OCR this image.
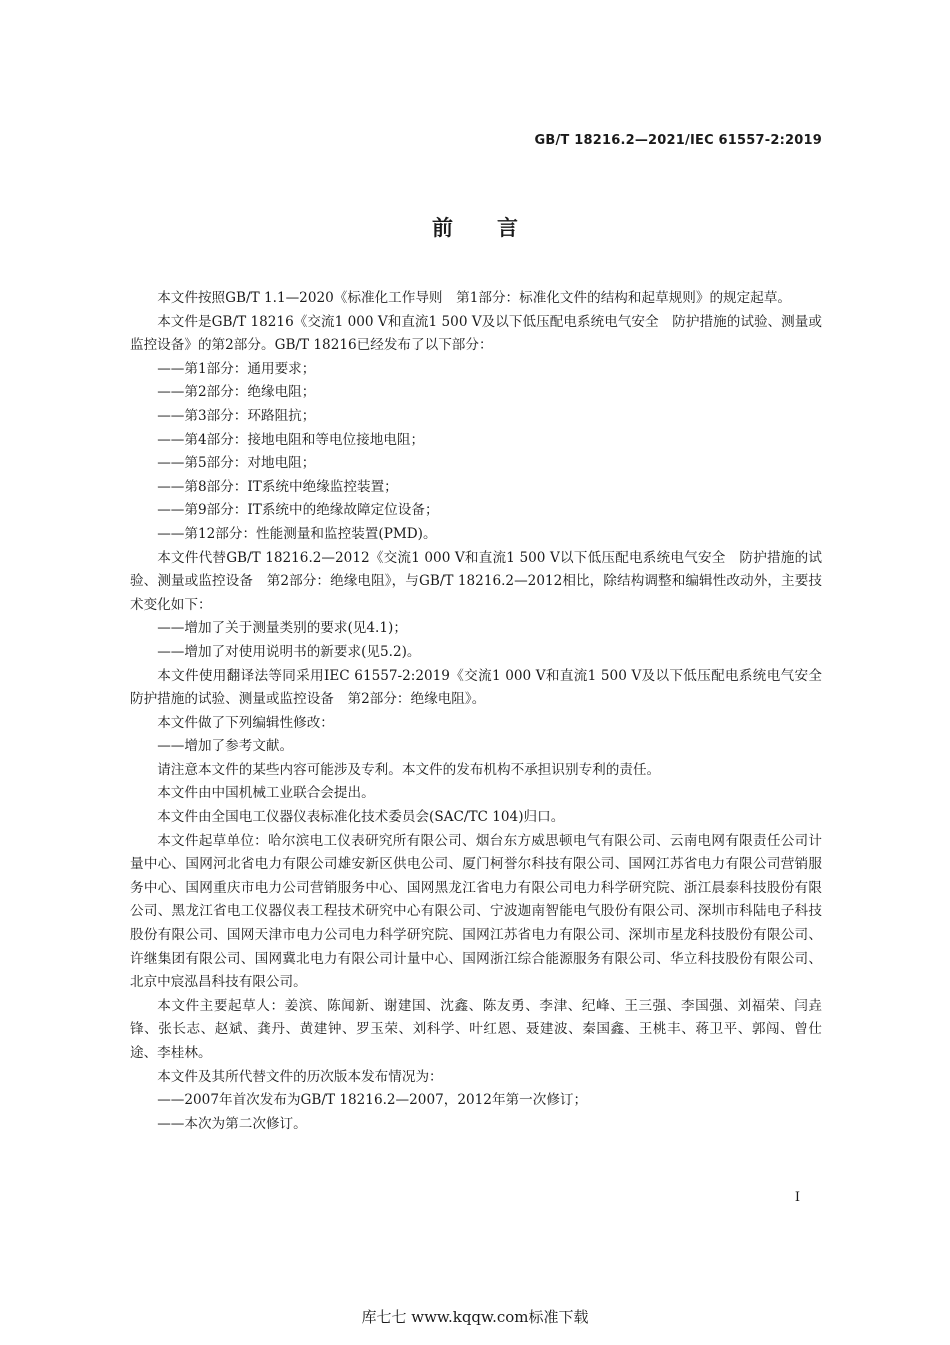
GB/T 18216.2—2021/IEC 61557-2:2019
前言

本文件按照GB/T 1.1—2020《标准化工作导则　第1部分：标准化文件的结构和起草规则》的规定起草。

本文件是GB/T 18216《交流1 000 V和直流1 500 V及以下低压配电系统电气安全　防护措施的试验、测量或监控设备》的第2部分。GB/T 18216已经发布了以下部分：

—— 第1部分：通用要求；

—— 第2部分：绝缘电阻；

—— 第3部分：环路阻抗；

—— 第4部分：接地电阻和等电位接地电阻；

—— 第5部分：对地电阻；

—— 第8部分：IT系统中绝缘监控装置；

—— 第9部分：IT系统中的绝缘故障定位设备；

—— 第12部分：性能测量和监控装置(PMD)。

本文件代替GB/T 18216.2—2012《交流1 000 V和直流1 500 V以下低压配电系统电气安全　防护措施的试验、测量或监控设备　第2部分：绝缘电阻》，与GB/T 18216.2—2012相比，除结构调整和编辑性改动外，主要技术变化如下：

—— 增加了关于测量类别的要求(见4.1)；

—— 增加了对使用说明书的新要求(见5.2)。

本文件使用翻译法等同采用IEC 61557-2:2019《交流1 000 V和直流1 500 V及以下低压配电系统电气安全　防护措施的试验、测量或监控设备　第2部分：绝缘电阻》。

本文件做了下列编辑性修改：

—— 增加了参考文献。

请注意本文件的某些内容可能涉及专利。本文件的发布机构不承担识别专利的责任。

本文件由中国机械工业联合会提出。

本文件由全国电工仪器仪表标准化技术委员会(SAC/TC 104)归口。

本文件起草单位：哈尔滨电工仪表研究所有限公司、烟台东方威思顿电气有限公司、云南电网有限责任公司计量中心、国网河北省电力有限公司雄安新区供电公司、厦门柯誉尔科技有限公司、国网江苏省电力有限公司营销服务中心、国网重庆市电力公司营销服务中心、国网黑龙江省电力有限公司电力科学研究院、浙江晨泰科技股份有限公司、黑龙江省电工仪器仪表工程技术研究中心有限公司、宁波迦南智能电气股份有限公司、深圳市科陆电子科技股份有限公司、国网天津市电力公司电力科学研究院、国网江苏省电力有限公司、深圳市星龙科技股份有限公司、许继集团有限公司、国网冀北电力有限公司计量中心、国网浙江综合能源服务有限公司、华立科技股份有限公司、北京中宸泓昌科技有限公司。

本文件主要起草人：姜滨、陈闻新、谢建国、沈鑫、陈友勇、李津、纪峰、王三强、李国强、刘福荣、闫垚锋、张长志、赵斌、龚丹、黄建钟、罗玉荣、刘科学、叶红恩、聂建波、秦国鑫、王桃丰、蒋卫平、郭闯、曾仕途、李桂林。

本文件及其所代替文件的历次版本发布情况为：

—— 2007年首次发布为GB/T 18216.2—2007，2012年第一次修订；

—— 本次为第二次修订。

Ⅰ
库七七 www.kqqw.com标准下载
